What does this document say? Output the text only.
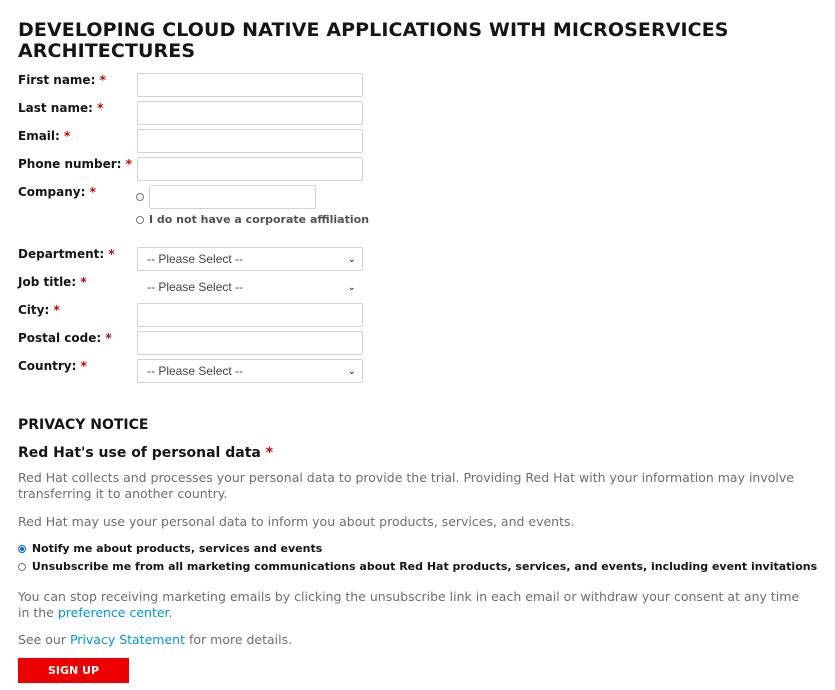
DEVELOPING CLOUD NATIVE APPLICATIONS WITH MICROSERVICES ARCHITECTURES
First name: *
Last name: *
Email: *
Phone number: *
Company: *
I do not have a corporate affiliation
Department: *	-- Please Select --	⌄
Job title: *	-- Please Select --	⌄
City: *
Postal code: *
Country: *	-- Please Select --	⌄
PRIVACY NOTICE
Red Hat's use of personal data *
Red Hat collects and processes your personal data to provide the trial. Providing Red Hat with your information may involve transferring it to another country.
Red Hat may use your personal data to inform you about products, services, and events.
Notify me about products, services and events
Unsubscribe me from all marketing communications about Red Hat products, services, and events, including event invitations
You can stop receiving marketing emails by clicking the unsubscribe link in each email or withdraw your consent at any time in the preference center.
See our Privacy Statement for more details.
SIGN UP
